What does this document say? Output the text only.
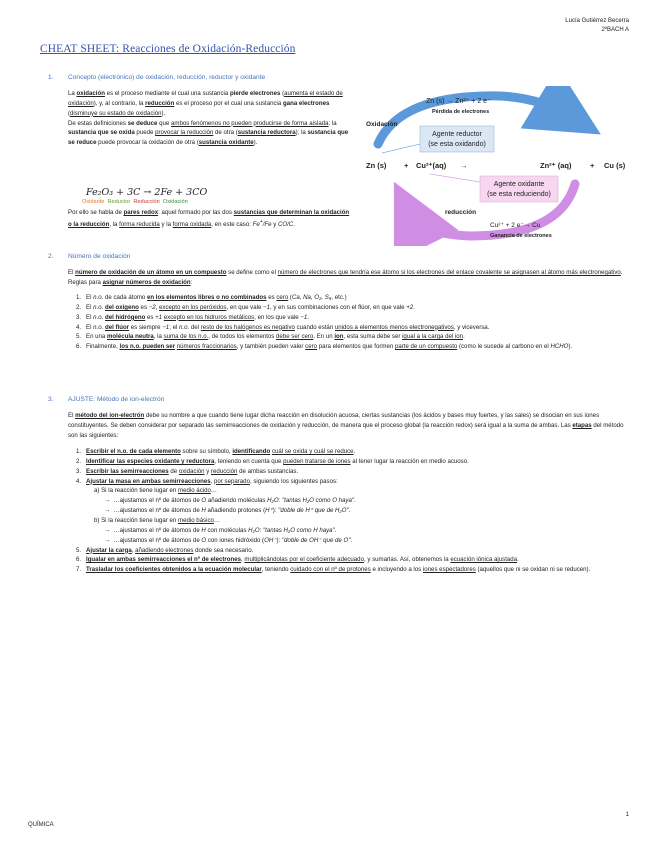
Lucía Gutiérrez Becerra
2ºBACH A
CHEAT SHEET: Reacciones de Oxidación-Reducción
1. Concepto (electrónico) de oxidación, reducción, reductor y oxidante
La oxidación es el proceso mediante el cual una sustancia pierde electrones (aumenta el estado de oxidación), y, al contrario, la reducción es el proceso por el cual una sustancia gana electrones (disminuye su estado de oxidación).
De estas definiciones se deduce que ambos fenómenos no pueden producirse de forma aislada: la sustancia que se oxida puede provocar la reducción de otra (sustancia reductora); la sustancia que se reduce puede provocar la oxidación de otra (sustancia oxidante).
Fe₂O₃ + 3C → 2Fe + 3CO
Oxidante Reductor Reducción Oxidación
Por ello se habla de pares redox: aquel formado por las dos sustancias que determinan la oxidación o la reducción, la forma reducida y la forma oxidada, en este caso: Fe+/Fe y CO/C.
Zn (s) → Zn²⁺ + 2 e⁻
Pérdida de electrones
Oxidación
Agente reductor
(se esta oxidando)
Zn (s) + Cu²⁺(aq) →	Zn²⁺ (aq) + Cu (s)
Agente oxidante
(se esta reduciendo)
reducción
Cu²⁺ + 2 e⁻→ Cu
Ganancia de electrones
2. Número de oxidación
El número de oxidación de un átomo en un compuesto se define como el número de electrones que tendría ese átomo si los electrones del enlace covalente se asignasen al átomo más electronegativo. Reglas para asignar números de oxidación:
1. El n.o. de cada átomo en los elementos libres o no combinados es cero (Ca, Na, O₂, S₈, etc.)
2. El n.o. del oxígeno es −2, excepto en los peróxidos, en que vale −1, y en sus combinaciones con el flúor, en que vale +2.
3. El n.o. del hidrógeno es +1 excepto en los hidruros metálicos, en los que vale −1.
4. El n.o. del flúor es siempre −1; el n.o. del resto de los halógenos es negativo cuando están unidos a elementos menos electronegativos, y viceversa.
5. En una molécula neutra, la suma de los n.o., de todos los elementos debe ser cero. En un ion, esta suma debe ser igual a la carga del ion.
6. Finalmente, los n.o. pueden ser números fraccionarios, y también pueden valer cero para elementos que formen parte de un compuesto (como le sucede al carbono en el HCHO).
3. AJUSTE: Método de ion-electrón
El método del ion-electrón debe su nombre a que cuando tiene lugar dicha reacción en disolución acuosa, ciertas sustancias (los ácidos y bases muy fuertes, y las sales) se disocian en sus iones constituyentes. Se deben considerar por separado las semirreacciones de oxidación y reducción, de manera que el proceso global (la reacción redox) será igual a la suma de ambas. Las etapas del método son las siguientes:
1. Escribir el n.o. de cada elemento sobre su símbolo, identificando cuál se oxida y cuál se reduce.
2. Identificar las especies oxidante y reductora, teniendo en cuenta que pueden tratarse de iones al tener lugar la reacción en medio acuoso.
3. Escribir las semirreacciones de oxidación y reducción de ambas sustancias.
4. Ajustar la masa en ambas semirreacciones, por separado, siguiendo los siguientes pasos:
a) Si la reacción tiene lugar en medio ácido…
→  …ajustamos el nº de átomos de O añadiendo moléculas H₂O: "tantas H₂O como O haya".
→  …ajustamos el nº de átomos de H añadiendo protones (H⁺): "doble de H⁺ que de H₂O".
b) Si la reacción tiene lugar en medio básico…
→  …ajustamos el nº de átomos de H con moléculas H₂O: "tantas H₂O como H haya".
→  …ajustamos el nº de átomos de O con iones hidróxido (OH⁻): "doble de OH⁻ que de O".
5. Ajustar la carga, añadiendo electrones donde sea necesario.
6. Igualar en ambas semirreacciones el nº de electrones, multiplicándolas por el coeficiente adecuado, y sumarlas. Así, obtenemos la ecuación iónica ajustada.
7. Trasladar los coeficientes obtenidos a la ecuación molecular, teniendo cuidado con el nº de protones e incluyendo a los iones espectadores (aquellos que ni se oxidan ni se reducen).
1
QUÍMICA
